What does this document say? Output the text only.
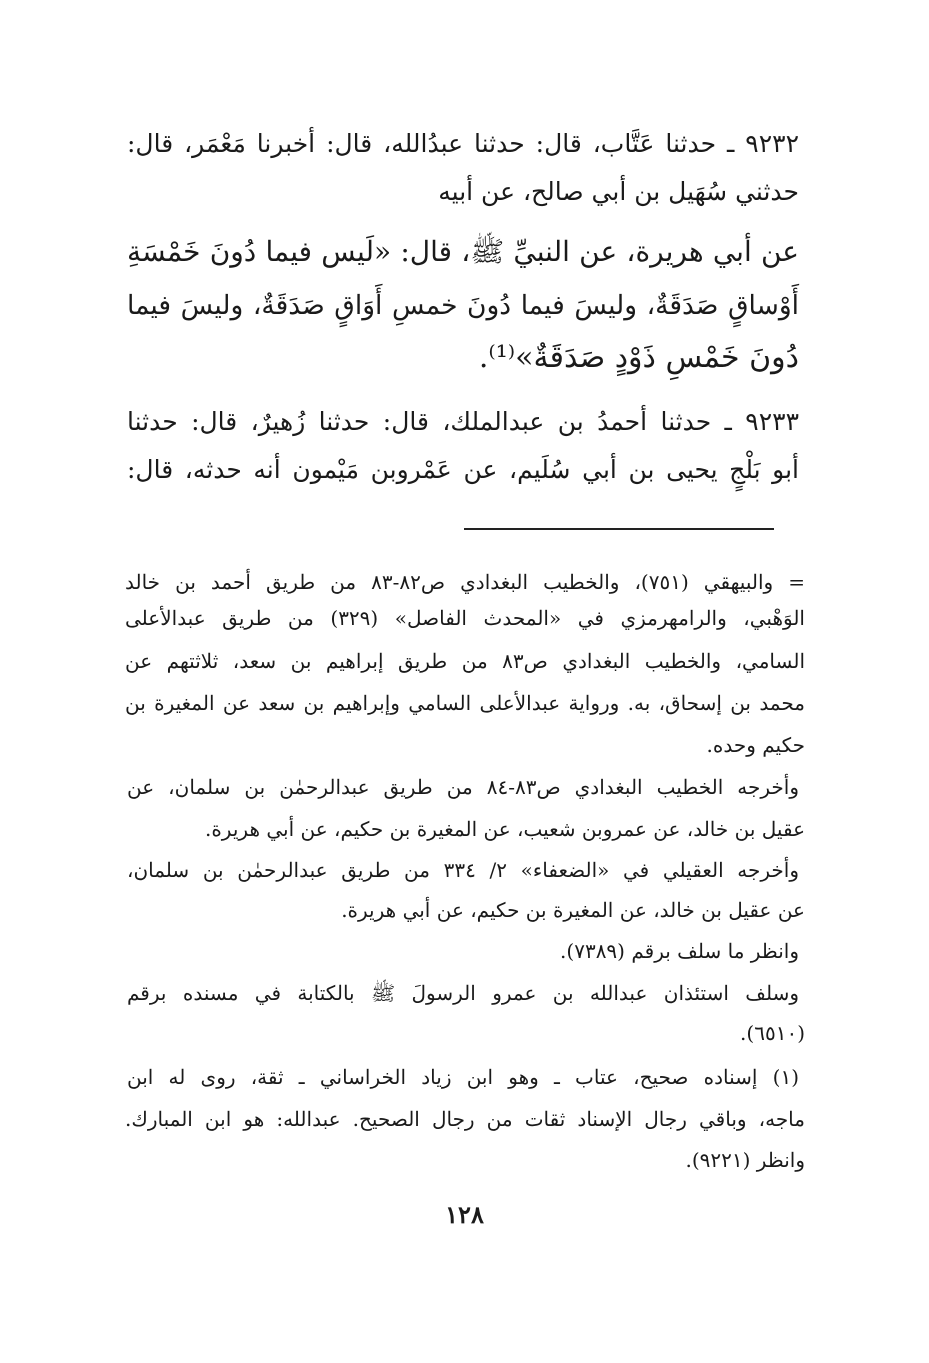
٩٢٣٢ ـ حدثنا عَتَّاب، قال: حدثنا عبدُالله، قال: أخبرنا مَعْمَر، قال:
حدثني سُهَيل بن أبي صالح، عن أبيه
عن أبي هريرة، عن النبيِّ ﷺ، قال: «لَيس فيما دُونَ خَمْسَةِ
أَوْساقٍ صَدَقَةٌ، وليسَ فيما دُونَ خمسِ أَوَاقٍ صَدَقَةٌ، وليسَ فيما
دُونَ خَمْسِ ذَوْدٍ صَدَقَةٌ»⁽¹⁾.
٩٢٣٣ ـ حدثنا أحمدُ بن عبدالملك، قال: حدثنا زُهيرٌ، قال: حدثنا
أبو بَلْجٍ يحيى بن أبي سُلَيم، عن عَمْروبن مَيْمون أنه حدثه، قال:
= والبيهقي (٧٥١)، والخطيب البغدادي ص٨٢-٨٣ من طريق أحمد بن خالد
الوَهْبي، والرامهرمزي في «المحدث الفاصل» (٣٢٩) من طريق عبدالأعلى
السامي، والخطيب البغدادي ص٨٣ من طريق إبراهيم بن سعد، ثلاثتهم عن
محمد بن إسحاق، به. ورواية عبدالأعلى السامي وإبراهيم بن سعد عن المغيرة بن
حكيم وحده.
وأخرجه الخطيب البغدادي ص٨٣-٨٤ من طريق عبدالرحمٰن بن سلمان، عن
عقيل بن خالد، عن عمروبن شعيب، عن المغيرة بن حكيم، عن أبي هريرة.
وأخرجه العقيلي في «الضعفاء» ٢/ ٣٣٤ من طريق عبدالرحمٰن بن سلمان،
عن عقيل بن خالد، عن المغيرة بن حكيم، عن أبي هريرة.
وانظر ما سلف برقم (٧٣٨٩).
وسلف استئذان عبدالله بن عمرو الرسولَ ﷺ بالكتابة في مسنده برقم
(٦٥١٠).
(١) إسناده صحيح، عتاب ـ وهو ابن زياد الخراساني ـ ثقة، روى له ابن
ماجه، وباقي رجال الإسناد ثقات من رجال الصحيح. عبدالله: هو ابن المبارك.
وانظر (٩٢٢١).
١٢٨
